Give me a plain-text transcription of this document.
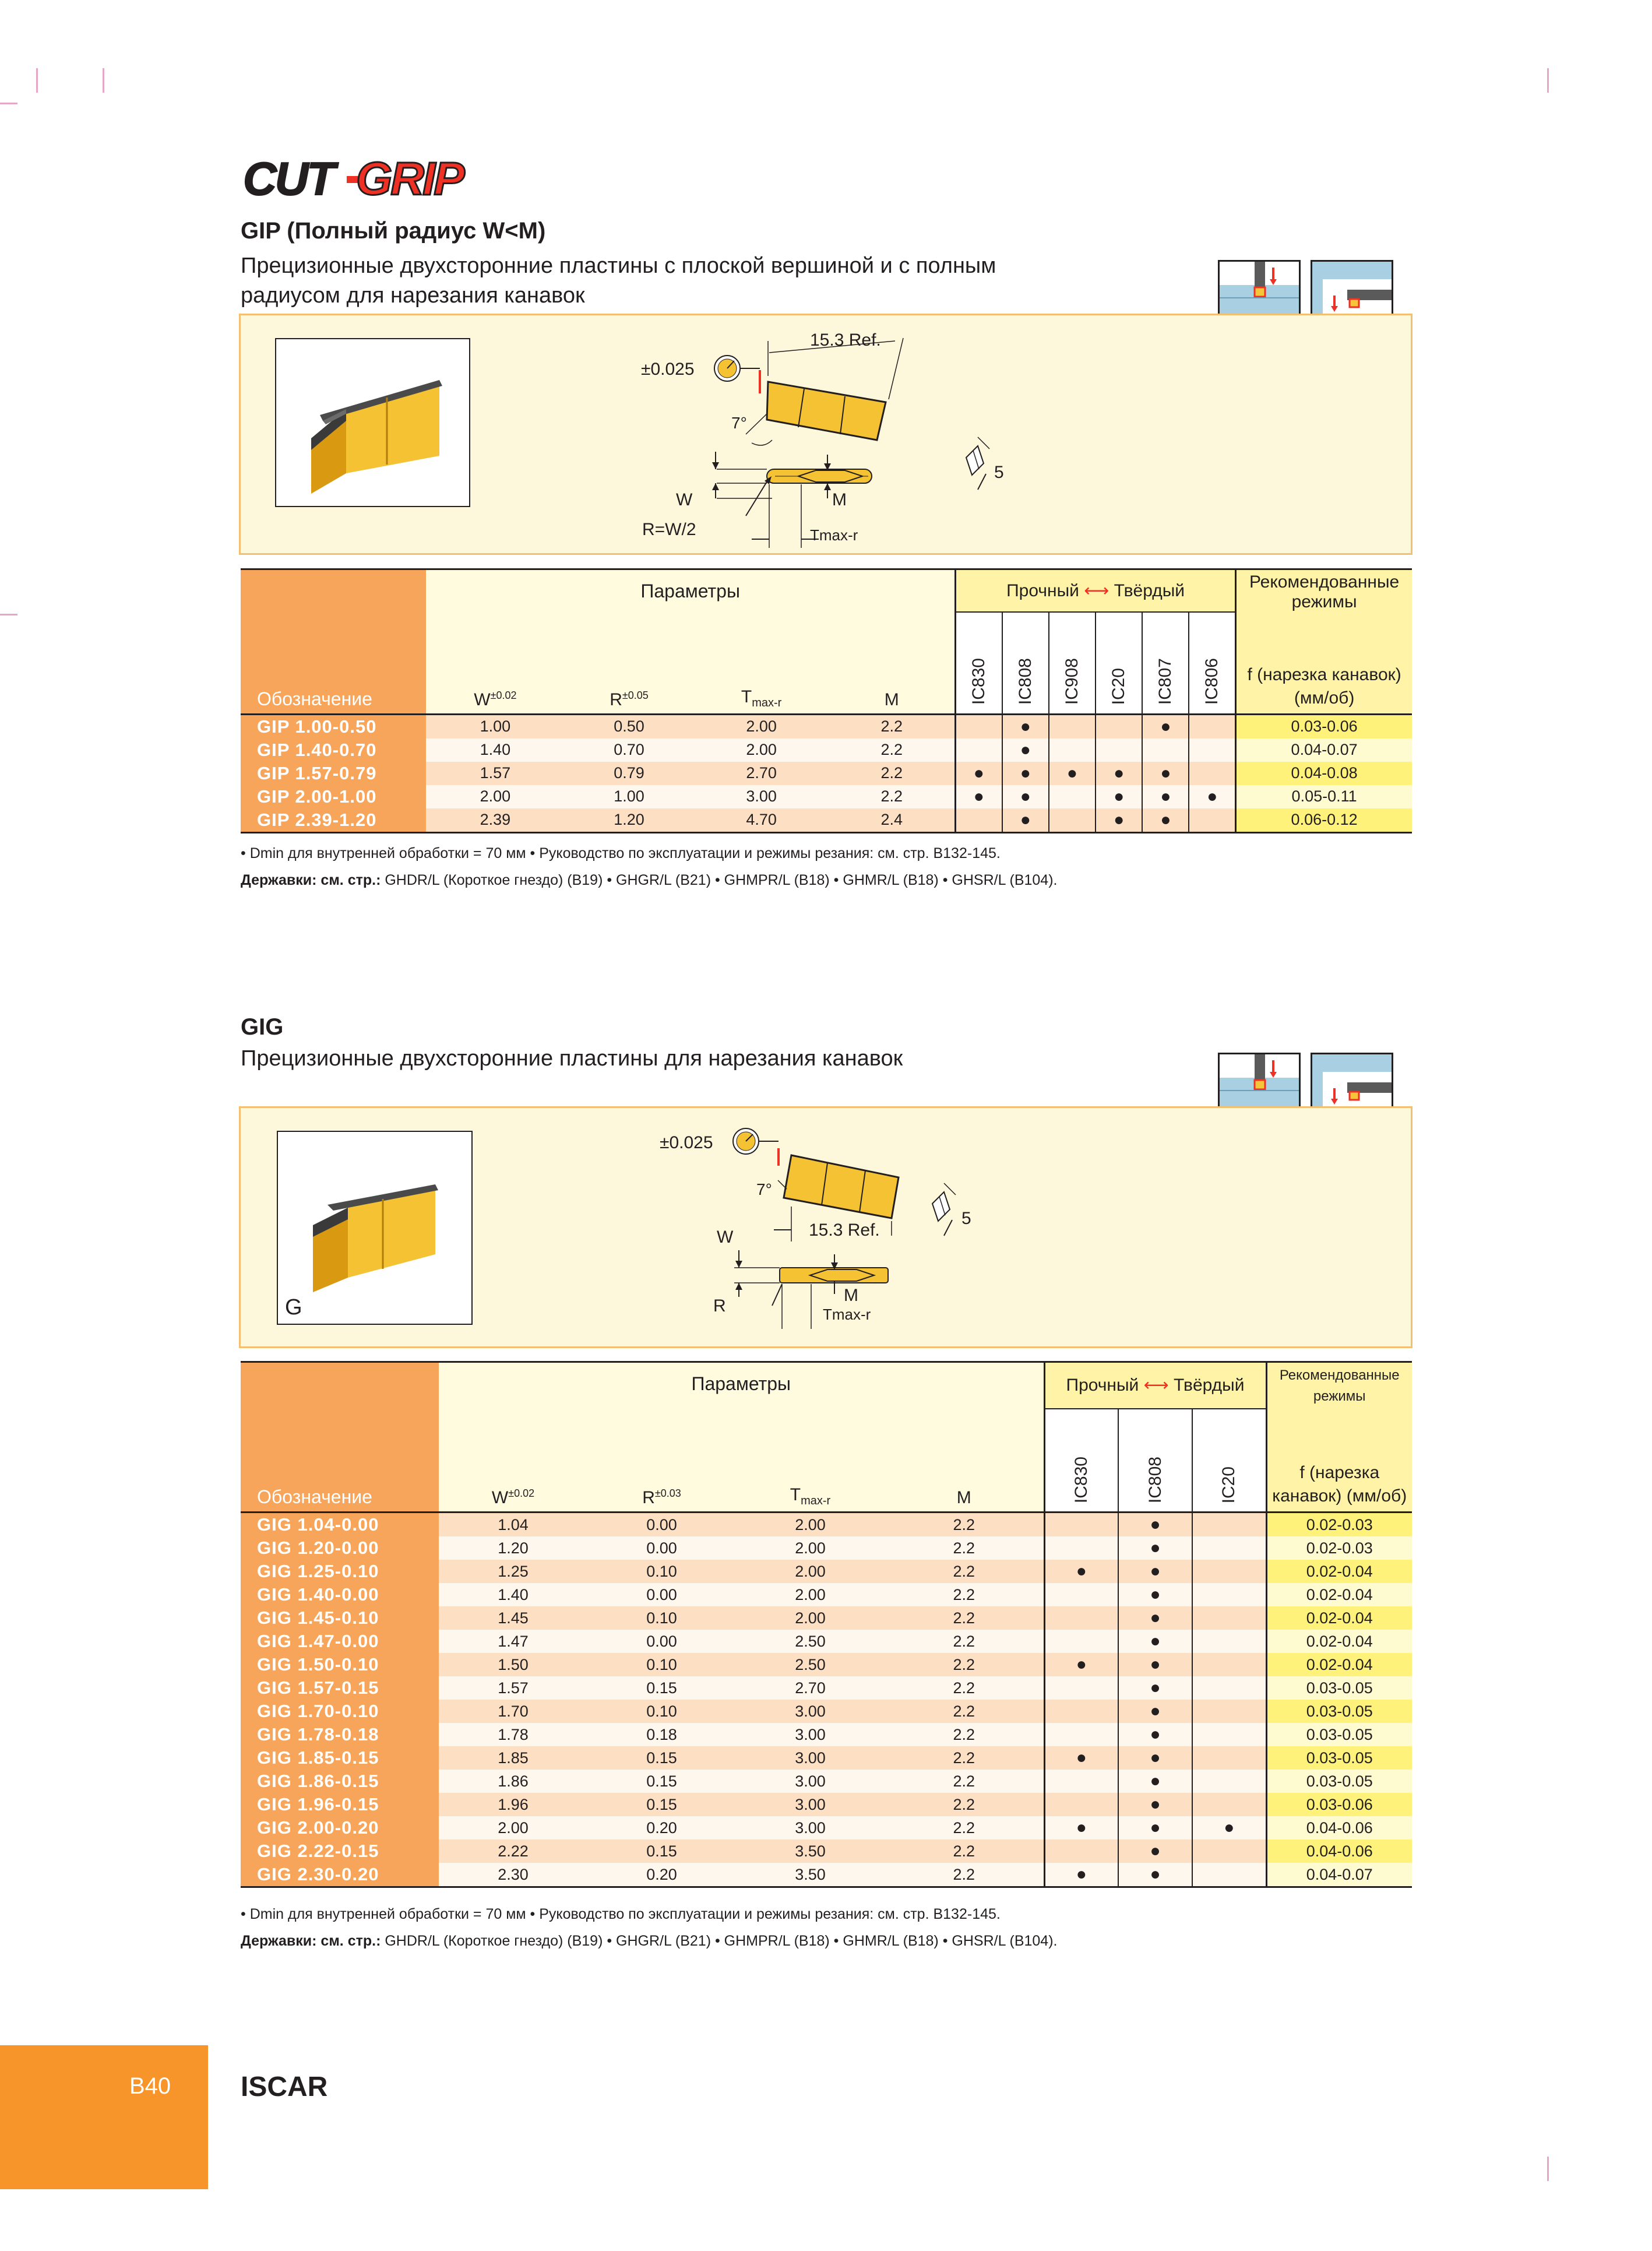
CUT GRIP
GIP (Полный радиус W<M)
Прецизионные двухсторонние пластины с плоской вершиной и с полным
радиусом для нарезания канавок
15.3 Ref.
±0.025
7°
5
W	M
R=W/2	Tmax-r
Обозначение	Параметры				Прочный ⟷ Твёрдый						Рекомендованные режимы
	$W^{\pm 0.02}$	$R^{\pm 0.05}$	$T_{max-r}$	M	IC830	IC808	IC908	IC20	IC807	IC806	f (нарезка канавок) (мм/об)
GIP 1.00-0.50	1.00	0.50	2.00	2.2		●			●		0.03-0.06
GIP 1.40-0.70	1.40	0.70	2.00	2.2		●					0.04-0.07
GIP 1.57-0.79	1.57	0.79	2.70	2.2	●	●	●	●	●		0.04-0.08
GIP 2.00-1.00	2.00	1.00	3.00	2.2	●	●		●	●	●	0.05-0.11
GIP 2.39-1.20	2.39	1.20	4.70	2.4		●		●	●		0.06-0.12
• Dmin для внутренней обработки = 70 мм • Руководство по эксплуатации и режимы резания: см. стр. B132-145.
Державки: см. стр.: GHDR/L (Короткое гнездо) (B19) • GHGR/L (B21) • GHMPR/L (B18) • GHMR/L (B18) • GHSR/L (B104).
GIG
Прецизионные двухсторонние пластины для нарезания канавок
G
±0.025
7°
15.3 Ref.
5
W
M
R	Tmax-r
Обозначение	Параметры				Прочный ⟷ Твёрдый			Рекомендованные режимы
	$W^{\pm 0.02}$	$R^{\pm 0.03}$	$T_{max-r}$	M	IC830	IC808	IC20	f (нарезка канавок) (мм/об)
GIG 1.04-0.00	1.04	0.00	2.00	2.2		●		0.02-0.03
GIG 1.20-0.00	1.20	0.00	2.00	2.2		●		0.02-0.03
GIG 1.25-0.10	1.25	0.10	2.00	2.2	●	●		0.02-0.04
GIG 1.40-0.00	1.40	0.00	2.00	2.2		●		0.02-0.04
GIG 1.45-0.10	1.45	0.10	2.00	2.2		●		0.02-0.04
GIG 1.47-0.00	1.47	0.00	2.50	2.2		●		0.02-0.04
GIG 1.50-0.10	1.50	0.10	2.50	2.2	●	●		0.02-0.04
GIG 1.57-0.15	1.57	0.15	2.70	2.2		●		0.03-0.05
GIG 1.70-0.10	1.70	0.10	3.00	2.2		●		0.03-0.05
GIG 1.78-0.18	1.78	0.18	3.00	2.2		●		0.03-0.05
GIG 1.85-0.15	1.85	0.15	3.00	2.2	●	●		0.03-0.05
GIG 1.86-0.15	1.86	0.15	3.00	2.2		●		0.03-0.05
GIG 1.96-0.15	1.96	0.15	3.00	2.2		●		0.03-0.06
GIG 2.00-0.20	2.00	0.20	3.00	2.2	●	●	●	0.04-0.06
GIG 2.22-0.15	2.22	0.15	3.50	2.2		●		0.04-0.06
GIG 2.30-0.20	2.30	0.20	3.50	2.2	●	●		0.04-0.07
• Dmin для внутренней обработки = 70 мм • Руководство по эксплуатации и режимы резания: см. стр. B132-145.
Державки: см. стр.: GHDR/L (Короткое гнездо) (B19) • GHGR/L (B21) • GHMPR/L (B18) • GHMR/L (B18) • GHSR/L (B104).
B40 ISCAR
